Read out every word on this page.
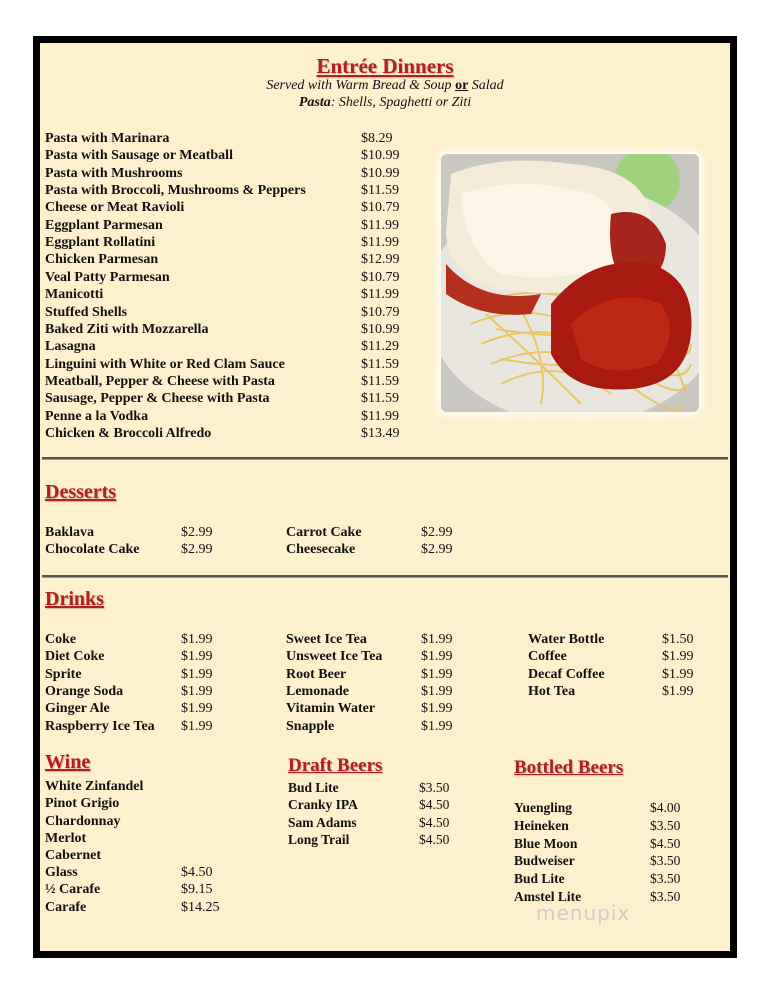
Entrée Dinners
Served with Warm Bread & Soup or Salad
Pasta: Shells, Spaghetti or Ziti
Pasta with Marinara	$8.29
Pasta with Sausage or Meatball	$10.99
Pasta with Mushrooms	$10.99
Pasta with Broccoli, Mushrooms & Peppers	$11.59
Cheese or Meat Ravioli	$10.79
Eggplant Parmesan	$11.99
Eggplant Rollatini	$11.99
Chicken Parmesan	$12.99
Veal Patty Parmesan	$10.79
Manicotti	$11.99
Stuffed Shells	$10.79
Baked Ziti with Mozzarella	$10.99
Lasagna	$11.29
Linguini with White or Red Clam Sauce	$11.59
Meatball, Pepper & Cheese with Pasta	$11.59
Sausage, Pepper & Cheese with Pasta	$11.59
Penne a la Vodka	$11.99
Chicken & Broccoli Alfredo	$13.49
Desserts
Baklava	$2.99
Chocolate Cake	$2.99
Carrot Cake	$2.99
Cheesecake	$2.99
Drinks
Coke	$1.99
Diet Coke	$1.99
Sprite	$1.99
Orange Soda	$1.99
Ginger Ale	$1.99
Raspberry Ice Tea $1.99
Sweet Ice Tea	$1.99
Unsweet Ice Tea	$1.99
Root Beer	$1.99
Lemonade	$1.99
Vitamin Water	$1.99
Snapple	$1.99
Water Bottle	$1.50
Coffee	$1.99
Decaf Coffee	$1.99
Hot Tea	$1.99
Wine
White Zinfandel
Pinot Grigio
Chardonnay
Merlot
Cabernet
Glass	$4.50
½ Carafe	$9.15
Carafe	$14.25
Draft Beers
Bud Lite	$3.50
Cranky IPA	$4.50
Sam Adams	$4.50
Long Trail	$4.50
Bottled Beers
Yuengling	$4.00
Heineken	$3.50
Blue Moon	$4.50
Budweiser	$3.50
Bud Lite	$3.50
Amstel Lite	$3.50
menupix
